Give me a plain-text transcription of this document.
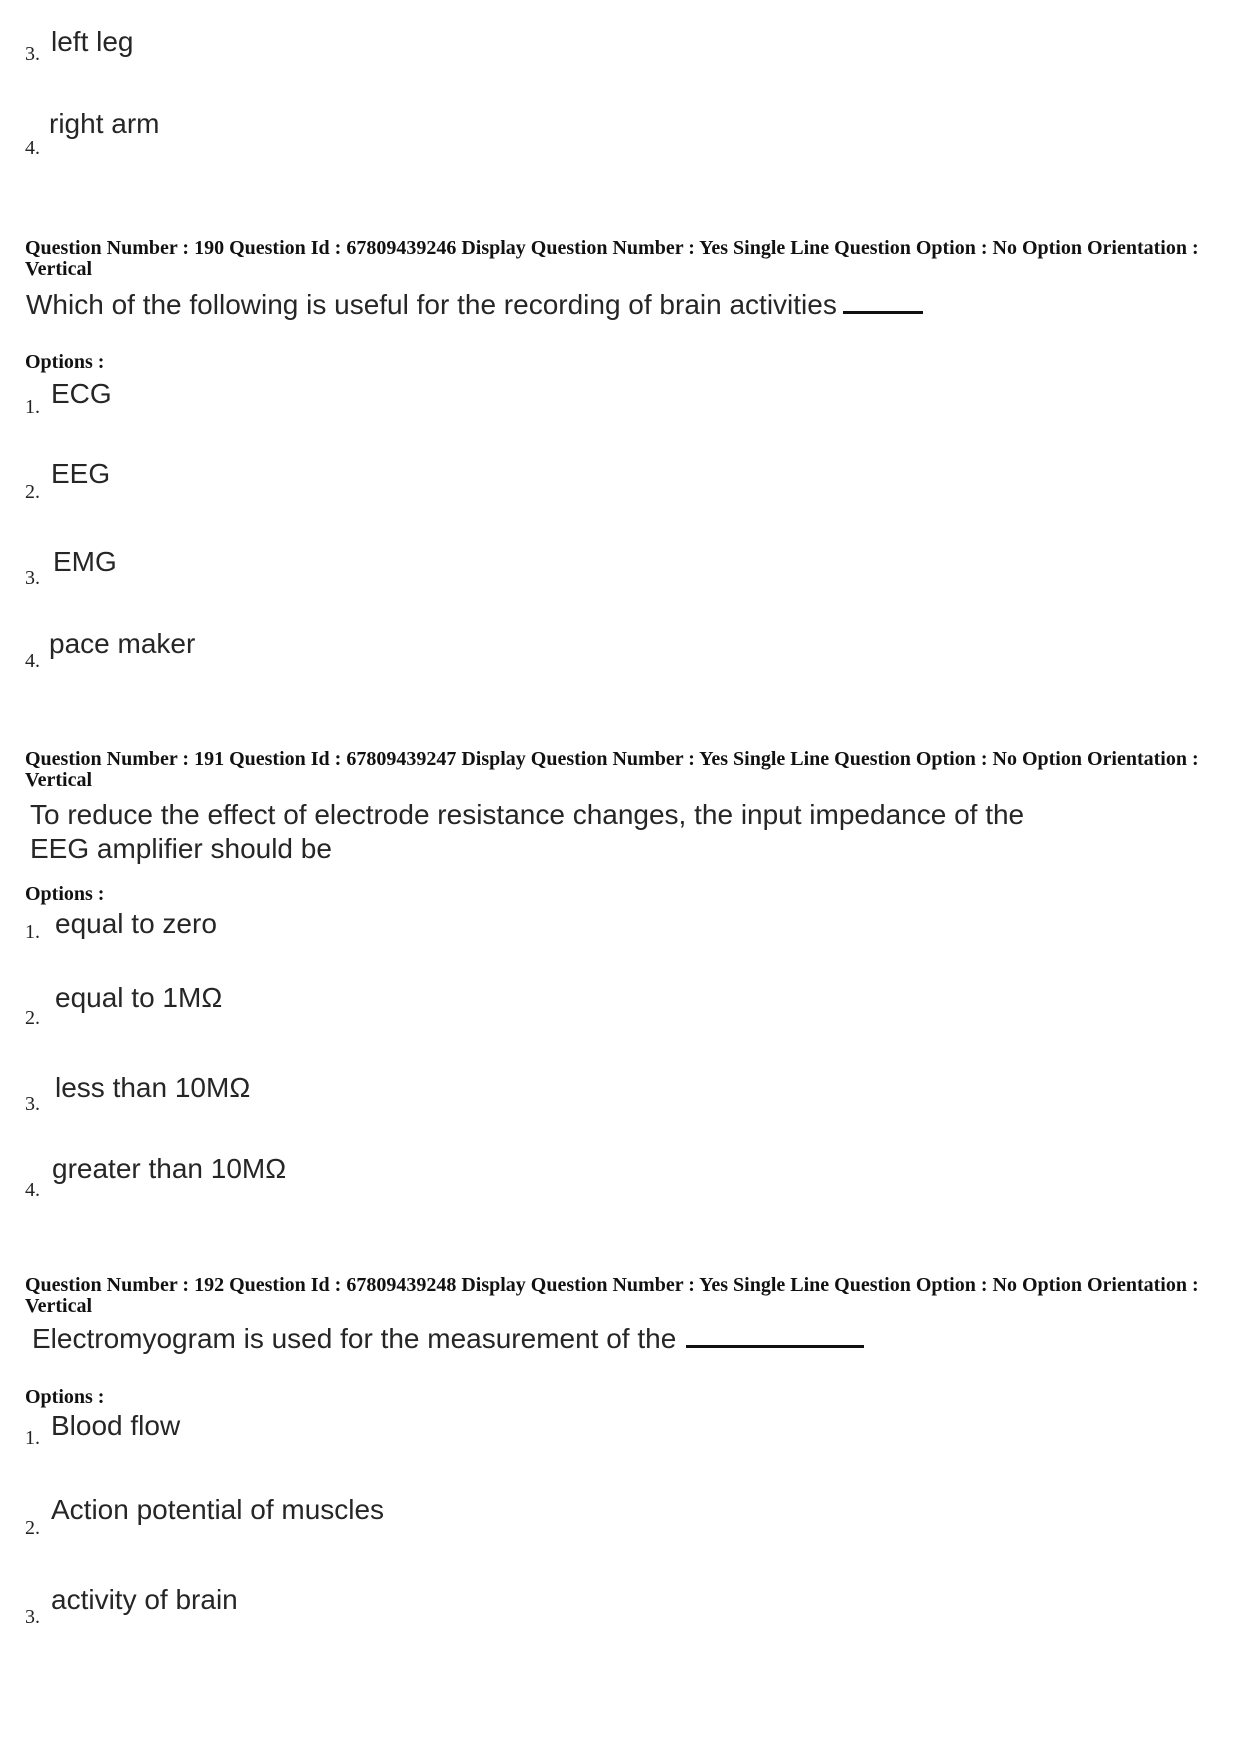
3. left leg
4.
right arm
Question Number : 190 Question Id : 67809439246 Display Question Number : Yes Single Line Question Option : No Option Orientation : Vertical
Which of the following is useful for the recording of brain activities
Options :
1. ECG
2.
EEG
3.
EMG
4.
pace maker
Question Number : 191 Question Id : 67809439247 Display Question Number : Yes Single Line Question Option : No Option Orientation : Vertical
To reduce the effect of electrode resistance changes, the input impedance of the
EEG amplifier should be
Options :
1. equal to zero
2.
equal to 1MΩ
3.
less than 10MΩ
4.
greater than 10MΩ
Question Number : 192 Question Id : 67809439248 Display Question Number : Yes Single Line Question Option : No Option Orientation : Vertical
Electromyogram is used for the measurement of the
Options :
1. Blood flow
2.
Action potential of muscles
3.
activity of brain
